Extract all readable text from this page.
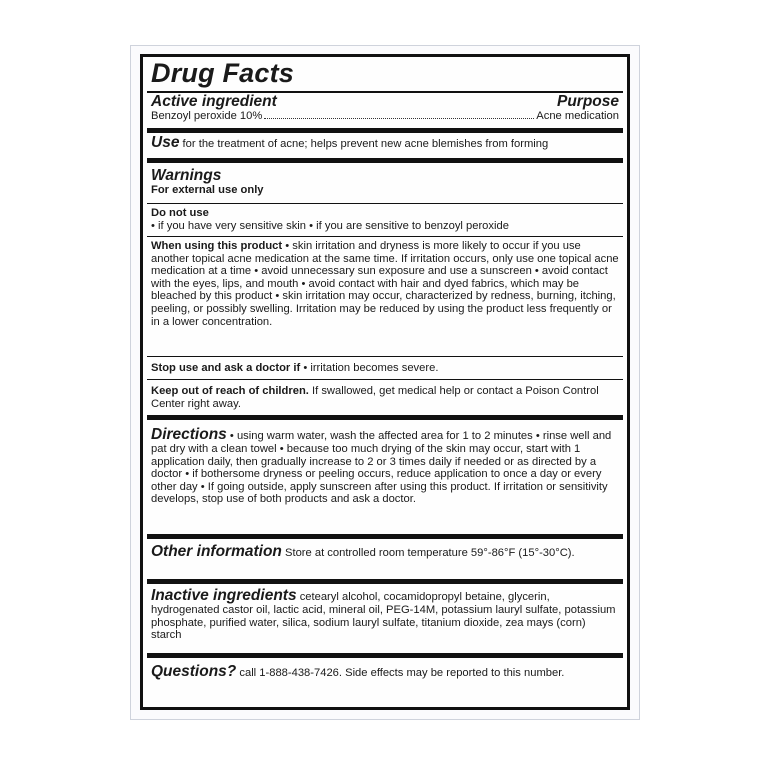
Drug Facts
Active ingredient	Purpose
Benzoyl peroxide 10%	Acne medication

Use for the treatment of acne; helps prevent new acne blemishes from forming

Warnings
For external use only
Do not use
• if you have very sensitive skin • if you are sensitive to benzoyl peroxide

When using this product • skin irritation and dryness is more likely to occur if you use another topical acne medication at the same time. If irritation occurs, only use one topical acne medication at a time • avoid unnecessary sun exposure and use a sunscreen • avoid contact with the eyes, lips, and mouth • avoid contact with hair and dyed fabrics, which may be bleached by this product • skin irritation may occur, characterized by redness, burning, itching, peeling, or possibly swelling. Irritation may be reduced by using the product less frequently or in a lower concentration.

Stop use and ask a doctor if • irritation becomes severe.

Keep out of reach of children. If swallowed, get medical help or contact a Poison Control Center right away.

Directions • using warm water, wash the affected area for 1 to 2 minutes • rinse well and pat dry with a clean towel • because too much drying of the skin may occur, start with 1 application daily, then gradually increase to 2 or 3 times daily if needed or as directed by a doctor • if bothersome dryness or peeling occurs, reduce application to once a day or every other day • If going outside, apply sunscreen after using this product. If irritation or sensitivity develops, stop use of both products and ask a doctor.

Other information Store at controlled room temperature 59°-86°F (15°-30°C).

Inactive ingredients cetearyl alcohol, cocamidopropyl betaine, glycerin, hydrogenated castor oil, lactic acid, mineral oil, PEG-14M, potassium lauryl sulfate, potassium phosphate, purified water, silica, sodium lauryl sulfate, titanium dioxide, zea mays (corn) starch

Questions? call 1-888-438-7426. Side effects may be reported to this number.
